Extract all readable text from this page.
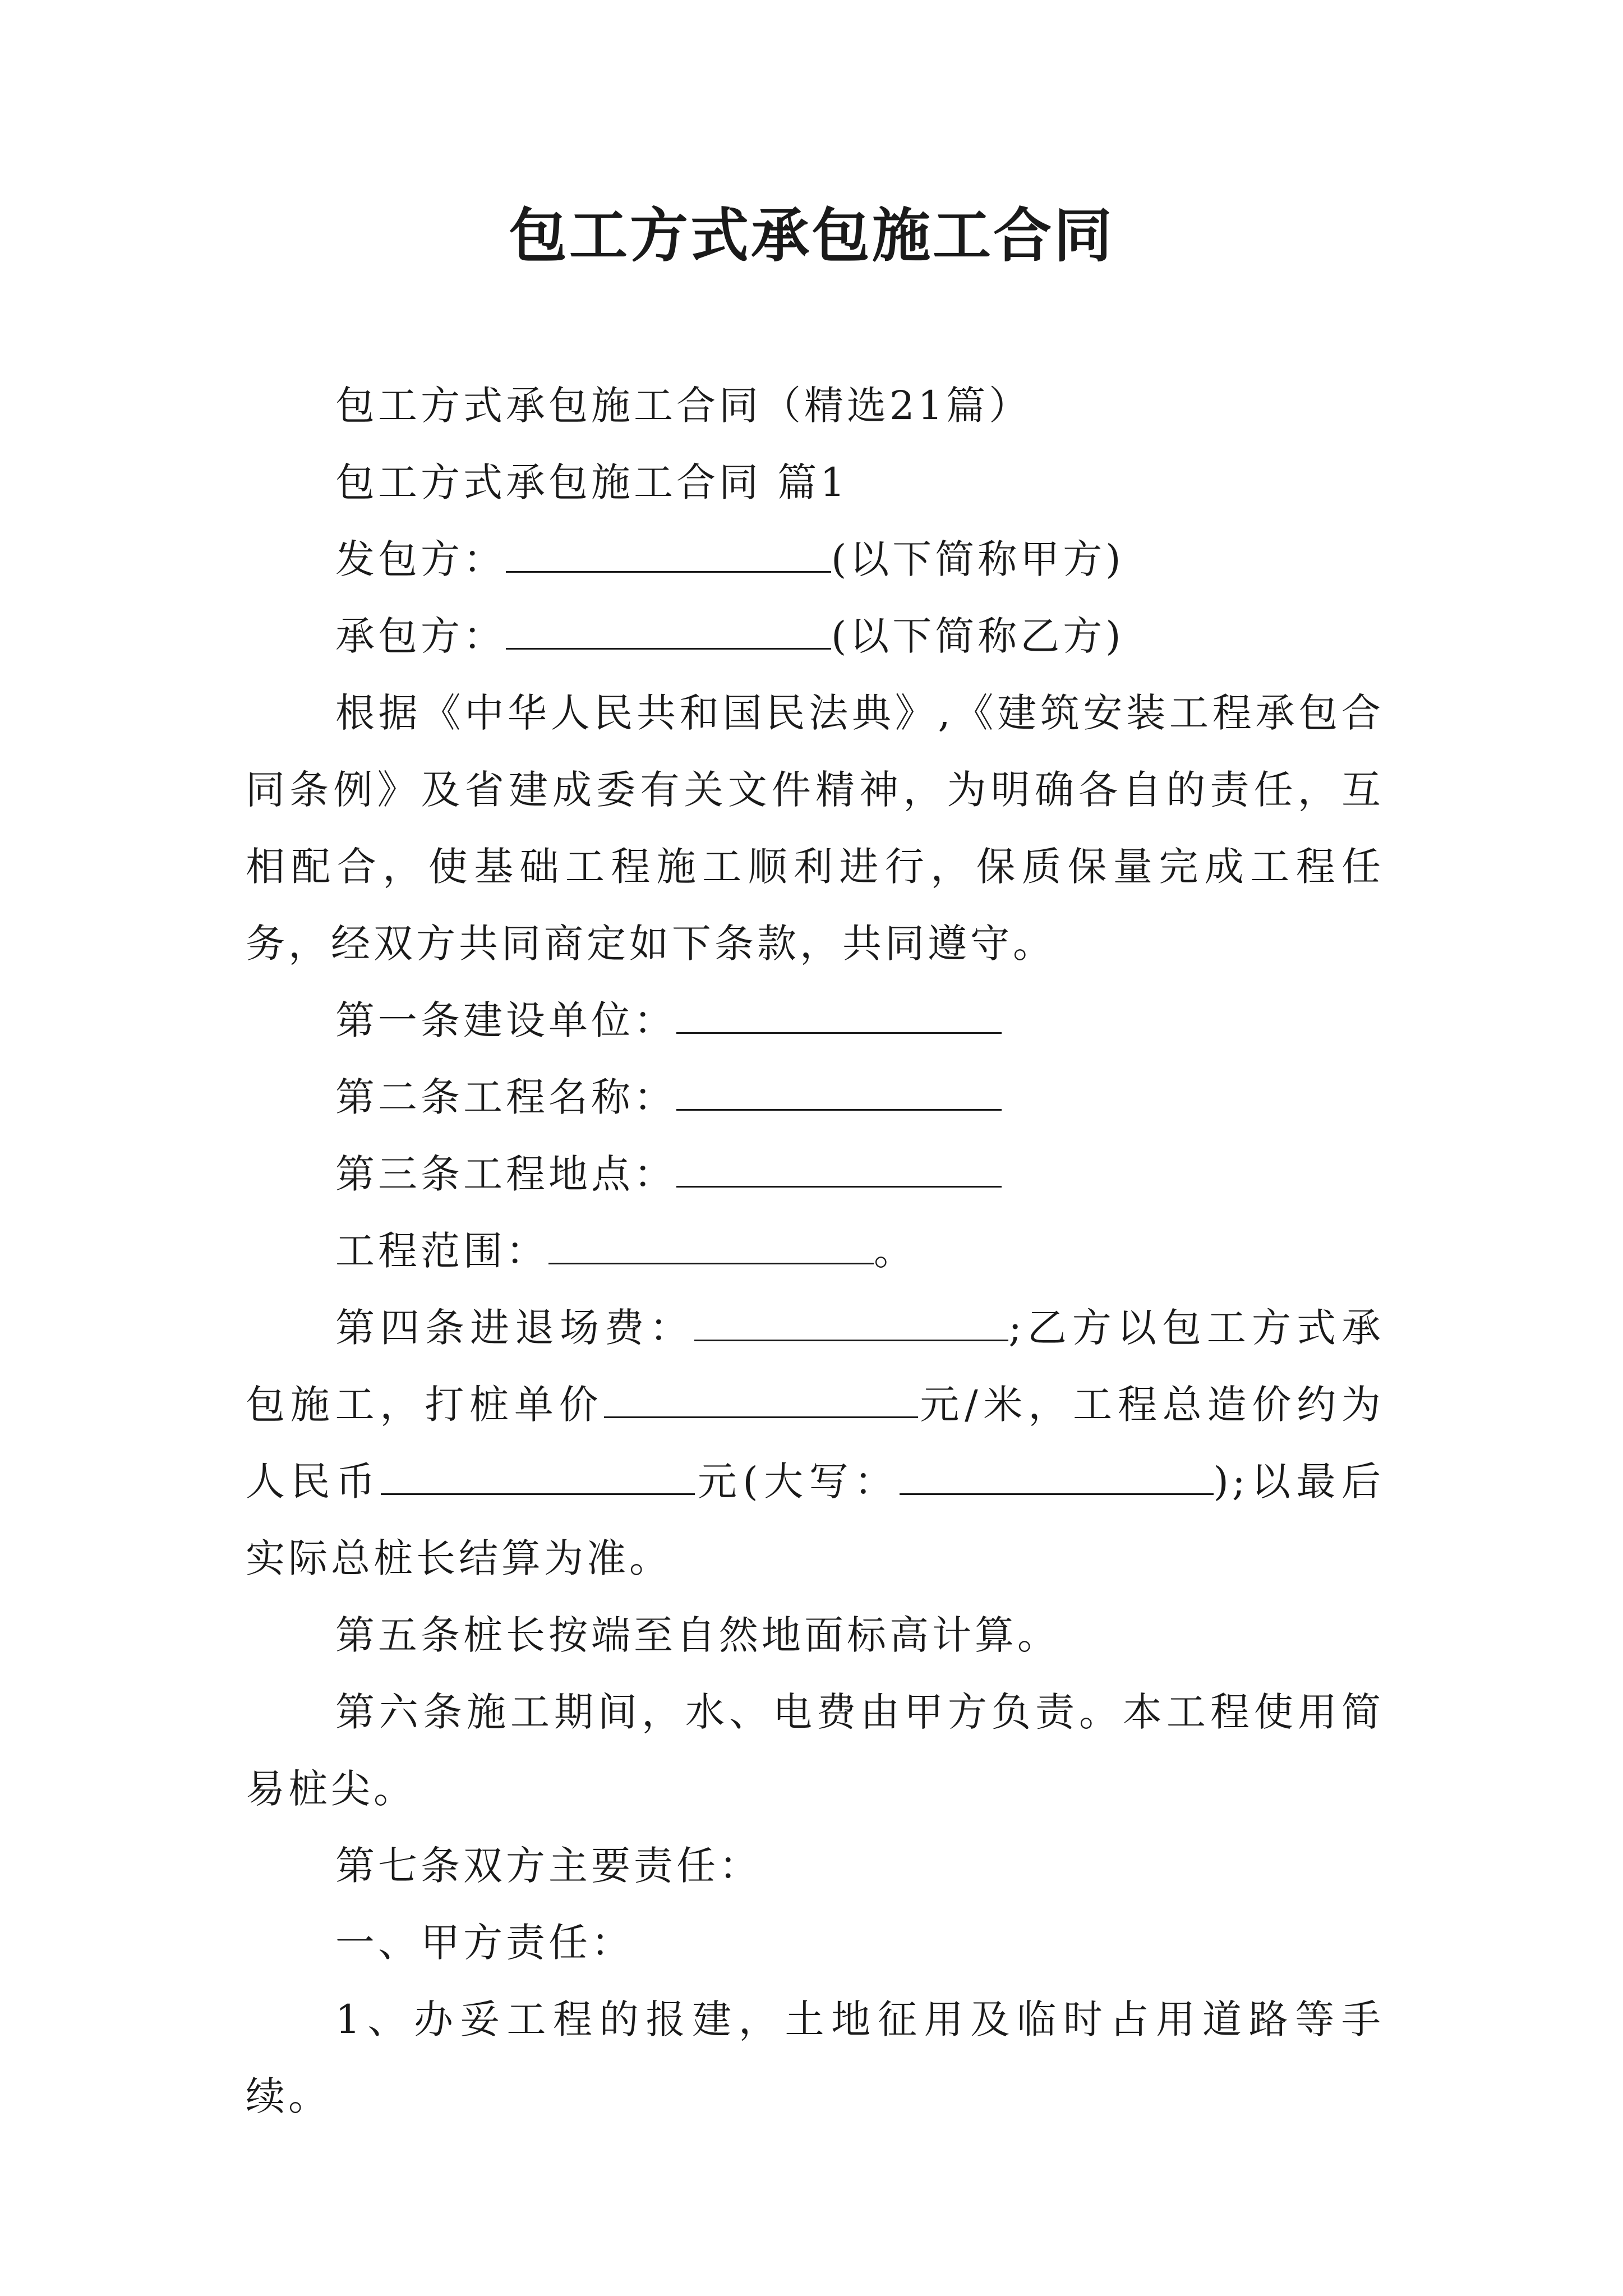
包工方式承包施工合同

包工方式承包施工合同（精选21篇）

包工方式承包施工合同 篇1

发包方：	(以下简称甲方)

承包方：	(以下简称乙方)

根据《中华人民共和国民法典》,《建筑安装工程承包合同条例》及省建成委有关文件精神，为明确各自的责任，互相配合，使基础工程施工顺利进行，保质保量完成工程任务，经双方共同商定如下条款，共同遵守。

第一条建设单位：

第二条工程名称：

第三条工程地点：

工程范围：	。

第四条进退场费：	;乙方以包工方式承包施工，打桩单价	元/米，工程总造价约为人民币	元(大写：	);以最后实际总桩长结算为准。

第五条桩长按端至自然地面标高计算。

第六条施工期间，水、电费由甲方负责。本工程使用简易桩尖。

第七条双方主要责任：

一、甲方责任：

1、办妥工程的报建，土地征用及临时占用道路等手续。
